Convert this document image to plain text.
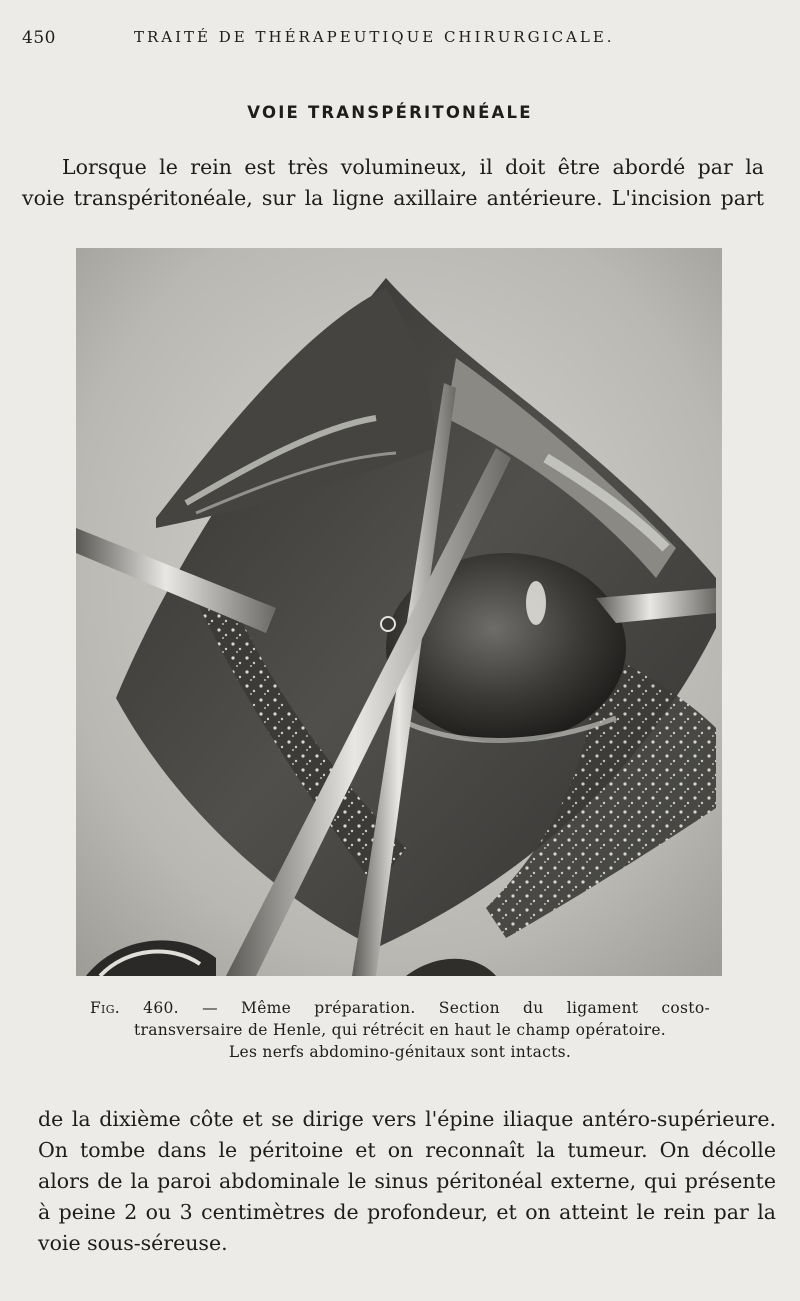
450	TRAITÉ DE THÉRAPEUTIQUE CHIRURGICALE.
VOIE TRANSPÉRITONÉALE
Lorsque le rein est très volumineux, il doit être abordé par la
voie transpéritonéale, sur la ligne axillaire antérieure. L'incision part
Fig. 460. — Même préparation. Section du ligament costo-
transversaire de Henle, qui rétrécit en haut le champ opératoire.
Les nerfs abdomino-génitaux sont intacts.
de la dixième côte et se dirige vers l'épine iliaque antéro-supérieure.
On tombe dans le péritoine et on reconnaît la tumeur. On décolle
alors de la paroi abdominale le sinus péritonéal externe, qui présente
à peine 2 ou 3 centimètres de profondeur, et on atteint le rein par la
voie sous-séreuse.
